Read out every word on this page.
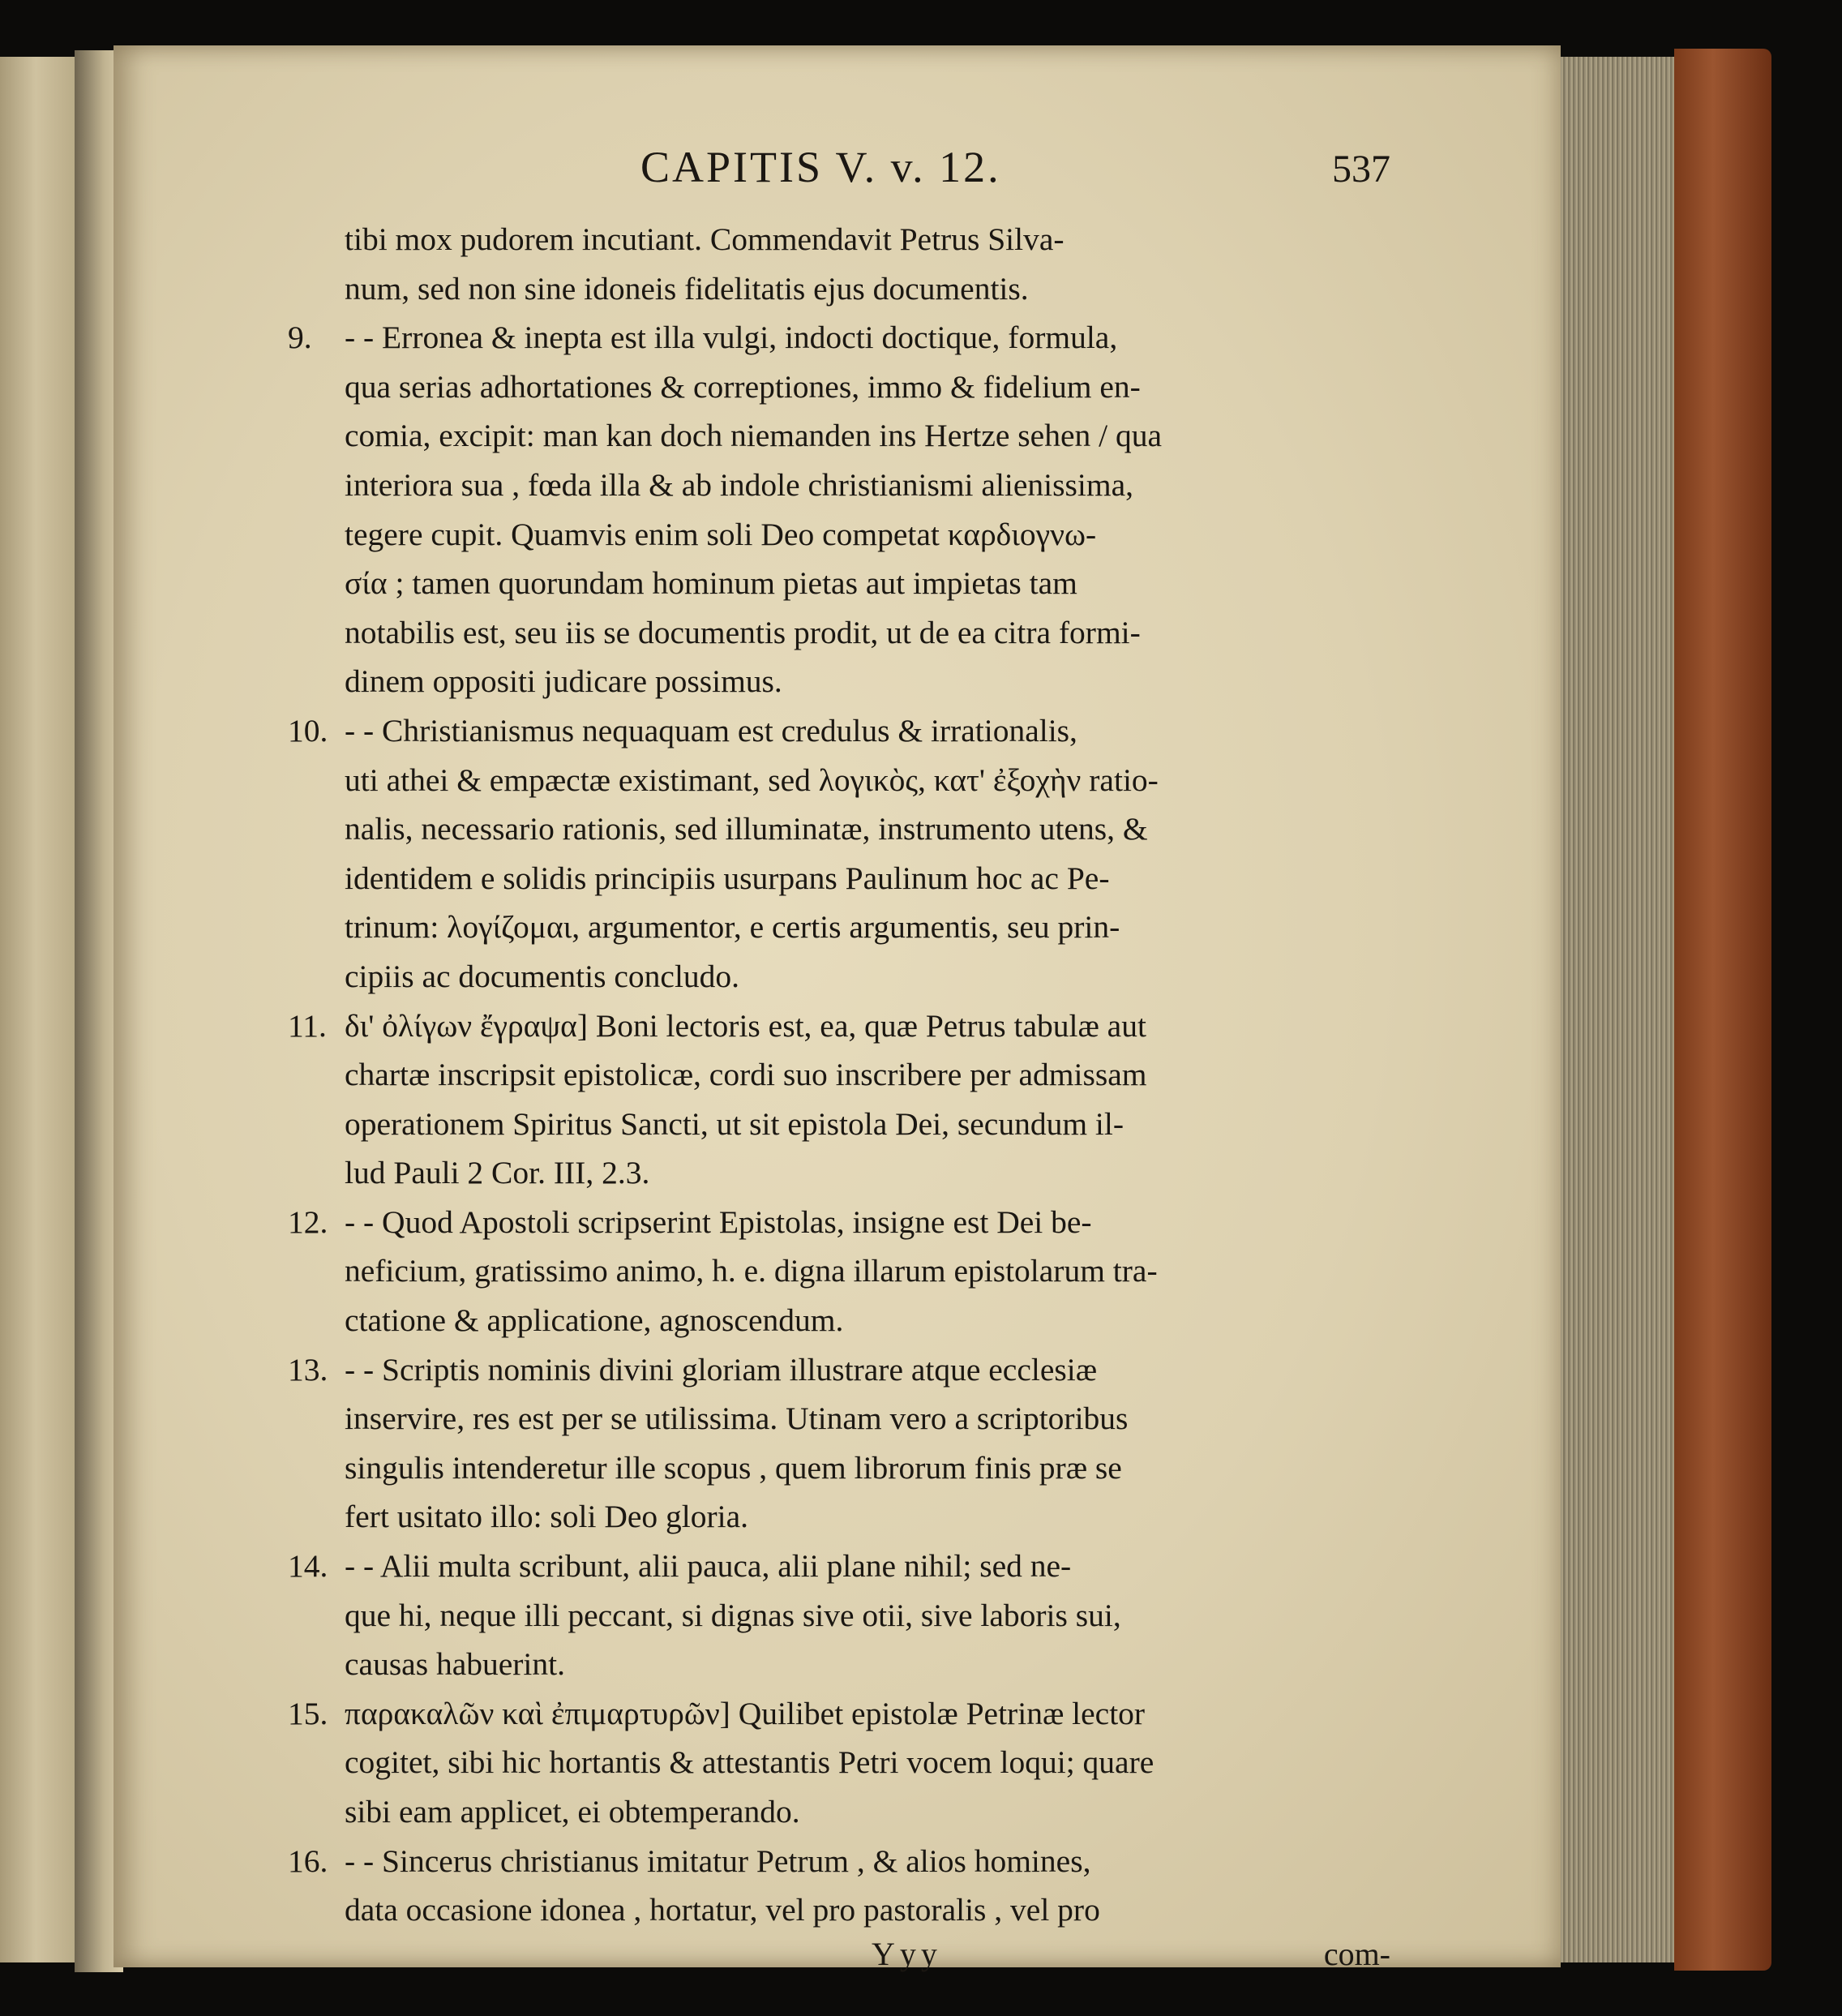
CAPITIS V. v. 12.	537
tibi mox pudorem incutiant. Commendavit Petrus Silva-
num, sed non sine idoneis fidelitatis ejus documentis.
9. - - Erronea & inepta est illa vulgi, indocti doctique, formula,
qua serias adhortationes & correptiones, immo & fidelium en-
comia, excipit: man kan doch niemanden ins Hertze sehen / qua
interiora sua , fœda illa & ab indole christianismi alienissima,
tegere cupit. Quamvis enim soli Deo competat καρδιογνω-
σία ; tamen quorundam hominum pietas aut impietas tam
notabilis est, seu iis se documentis prodit, ut de ea citra formi-
dinem oppositi judicare possimus.
10. - - Christianismus nequaquam est credulus & irrationalis,
uti athei & empæctæ existimant, sed λογικὸς, κατ' ἐξοχὴν ratio-
nalis, necessario rationis, sed illuminatæ, instrumento utens, &
identidem e solidis principiis usurpans Paulinum hoc ac Pe-
trinum: λογίζομαι, argumentor, e certis argumentis, seu prin-
cipiis ac documentis concludo.
11. δι' ὀλίγων ἔγραψα] Boni lectoris est, ea, quæ Petrus tabulæ aut
chartæ inscripsit epistolicæ, cordi suo inscribere per admissam
operationem Spiritus Sancti, ut sit epistola Dei, secundum il-
lud Pauli 2 Cor. III, 2.3.
12. - - Quod Apostoli scripserint Epistolas, insigne est Dei be-
neficium, gratissimo animo, h. e. digna illarum epistolarum tra-
ctatione & applicatione, agnoscendum.
13. - - Scriptis nominis divini gloriam illustrare atque ecclesiæ
inservire, res est per se utilissima. Utinam vero a scriptoribus
singulis intenderetur ille scopus , quem librorum finis præ se
fert usitato illo: soli Deo gloria.
14. - - Alii multa scribunt, alii pauca, alii plane nihil; sed ne-
que hi, neque illi peccant, si dignas sive otii, sive laboris sui,
causas habuerint.
15. παρακαλῶν καὶ ἐπιμαρτυρῶν] Quilibet epistolæ Petrinæ lector
cogitet, sibi hic hortantis & attestantis Petri vocem loqui; quare
sibi eam applicet, ei obtemperando.
16. - - Sincerus christianus imitatur Petrum , & alios homines,
data occasione idonea , hortatur, vel pro pastoralis , vel pro
Yyy	com-
